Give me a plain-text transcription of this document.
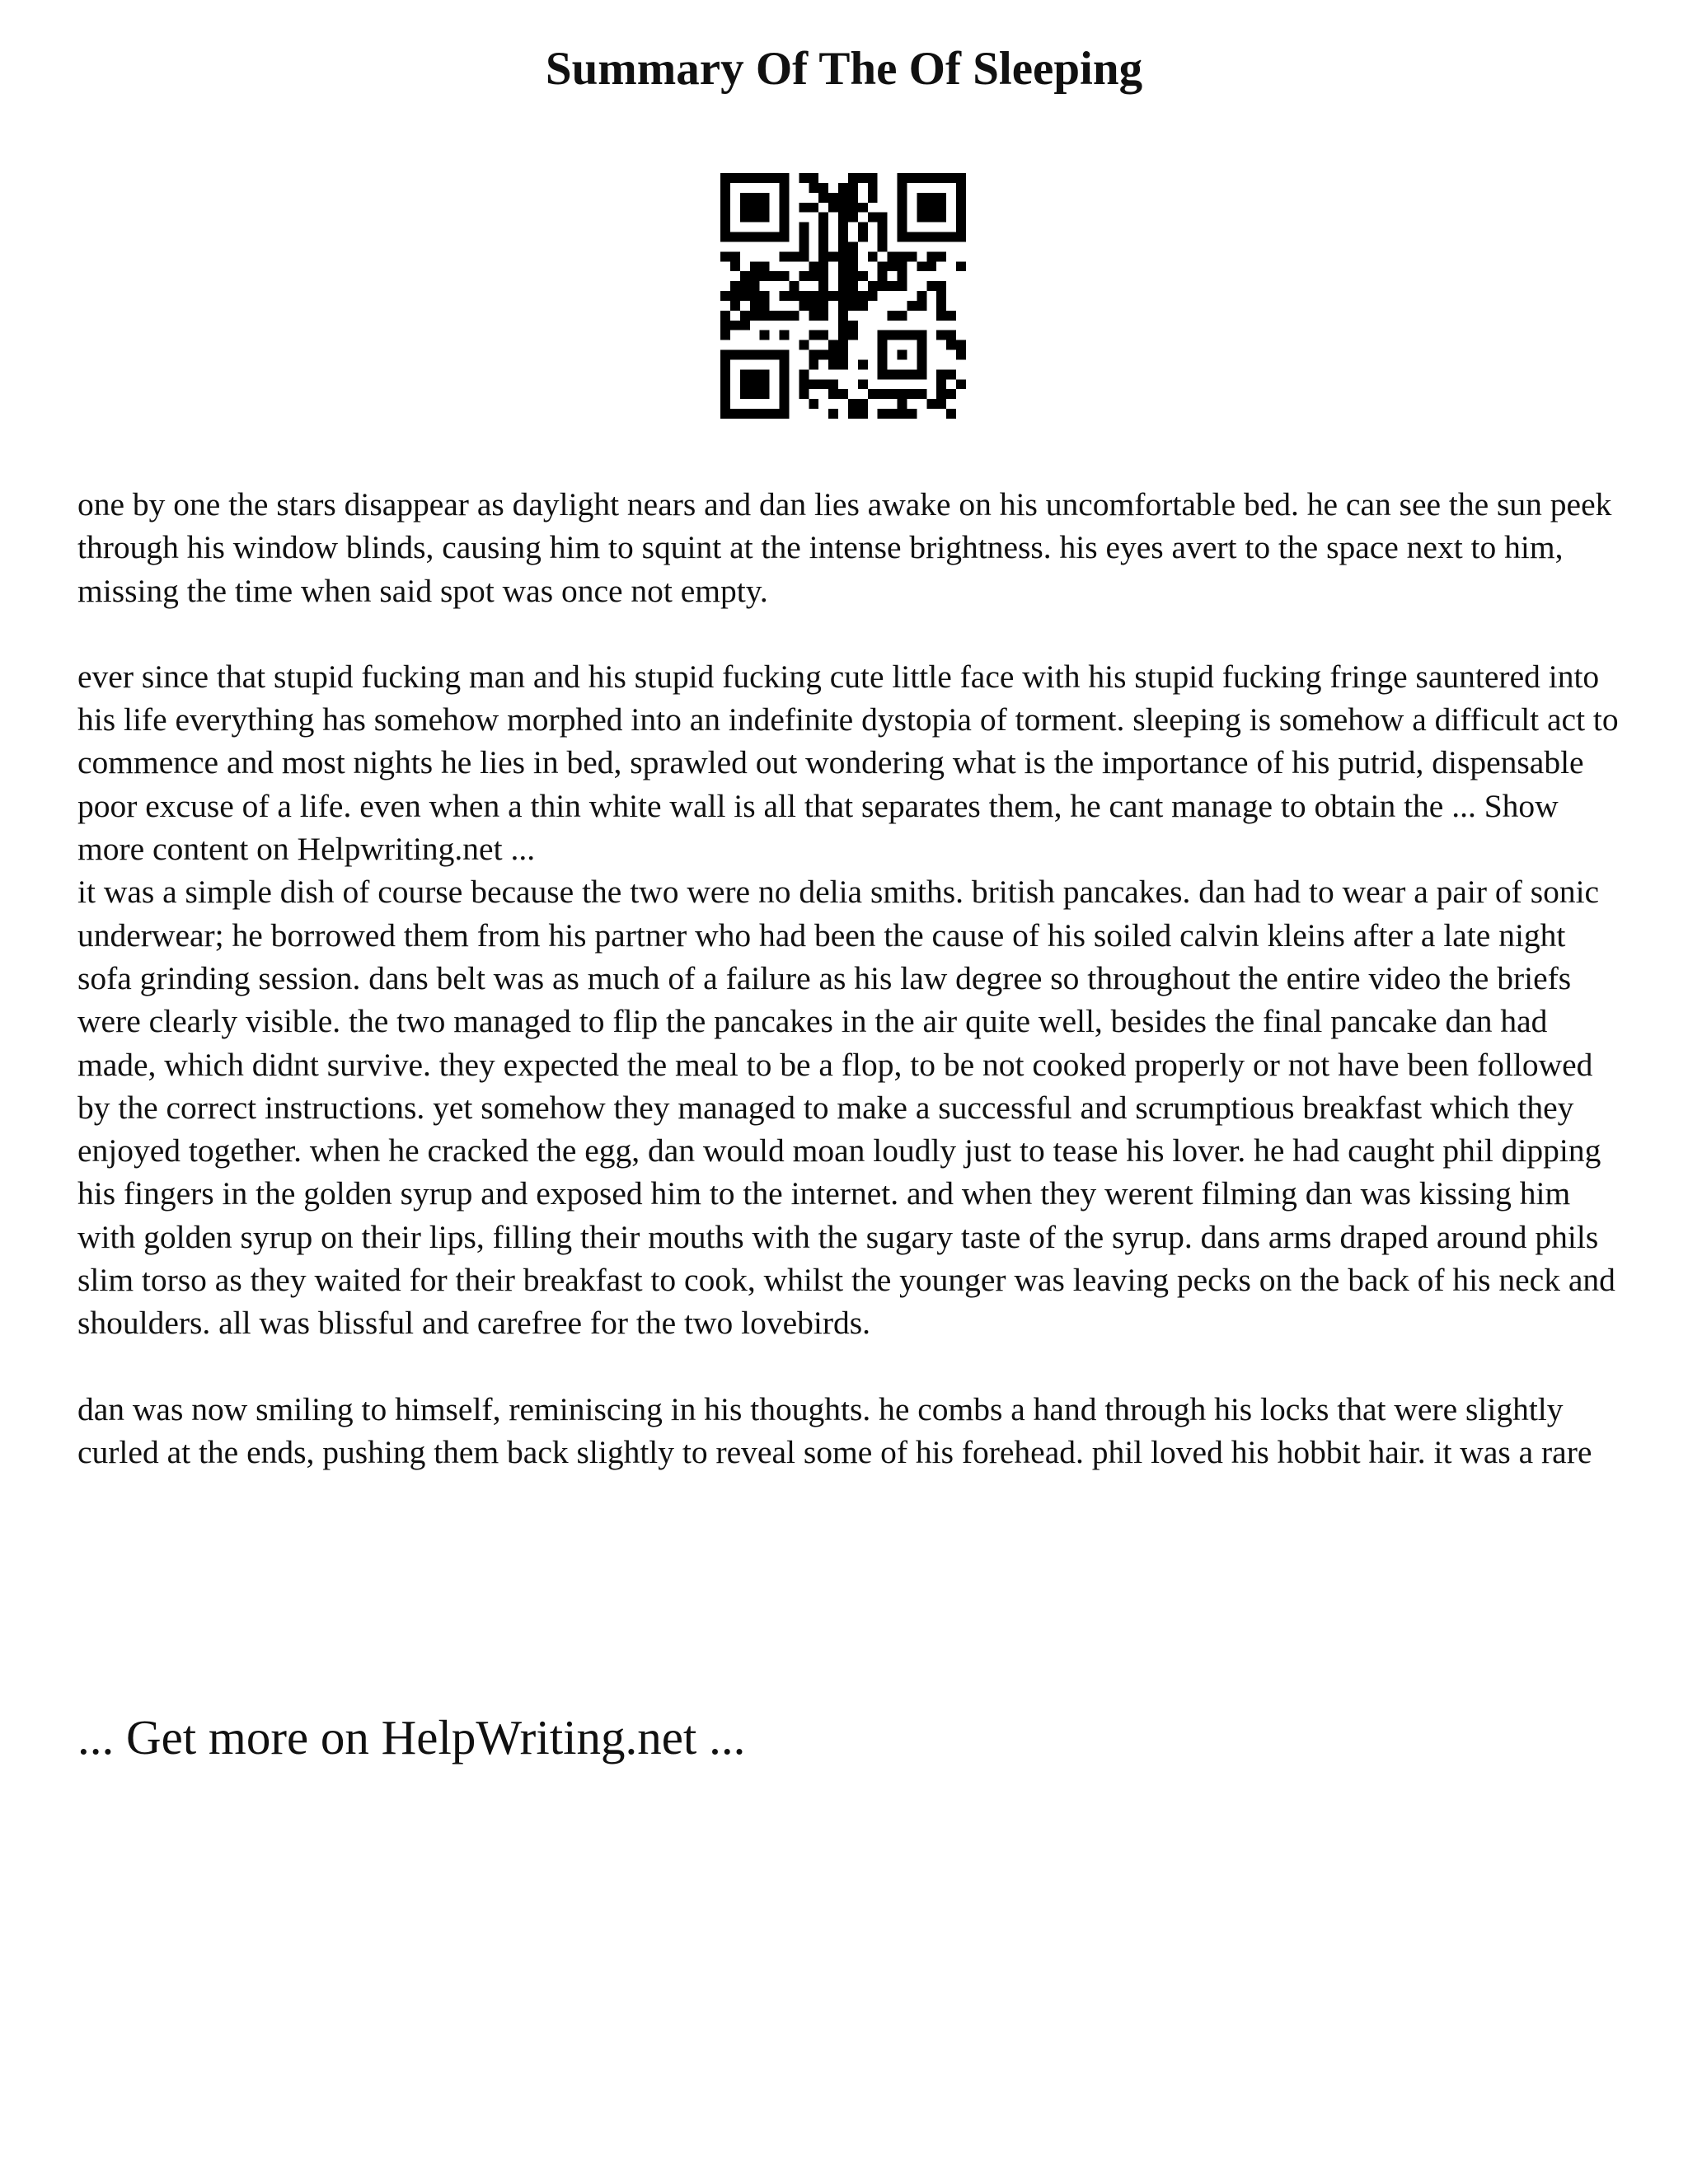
Summary Of The Of Sleeping

one by one the stars disappear as daylight nears and dan lies awake on his uncomfortable bed. he can see the sun peek through his window blinds, causing him to squint at the intense brightness. his eyes avert to the space next to him, missing the time when said spot was once not empty.

ever since that stupid fucking man and his stupid fucking cute little face with his stupid fucking fringe sauntered into his life everything has somehow morphed into an indefinite dystopia of torment. sleeping is somehow a difficult act to commence and most nights he lies in bed, sprawled out wondering what is the importance of his putrid, dispensable poor excuse of a life. even when a thin white wall is all that separates them, he cant manage to obtain the ... Show more content on Helpwriting.net ...

it was a simple dish of course because the two were no delia smiths. british pancakes. dan had to wear a pair of sonic underwear; he borrowed them from his partner who had been the cause of his soiled calvin kleins after a late night sofa grinding session. dans belt was as much of a failure as his law degree so throughout the entire video the briefs were clearly visible. the two managed to flip the pancakes in the air quite well, besides the final pancake dan had made, which didnt survive. they expected the meal to be a flop, to be not cooked properly or not have been followed by the correct instructions. yet somehow they managed to make a successful and scrumptious breakfast which they enjoyed together. when he cracked the egg, dan would moan loudly just to tease his lover. he had caught phil dipping his fingers in the golden syrup and exposed him to the internet. and when they werent filming dan was kissing him with golden syrup on their lips, filling their mouths with the sugary taste of the syrup. dans arms draped around phils slim torso as they waited for their breakfast to cook, whilst the younger was leaving pecks on the back of his neck and shoulders. all was blissful and carefree for the two lovebirds.

dan was now smiling to himself, reminiscing in his thoughts. he combs a hand through his locks that were slightly curled at the ends, pushing them back slightly to reveal some of his forehead. phil loved his hobbit hair. it was a rare

... Get more on HelpWriting.net ...
